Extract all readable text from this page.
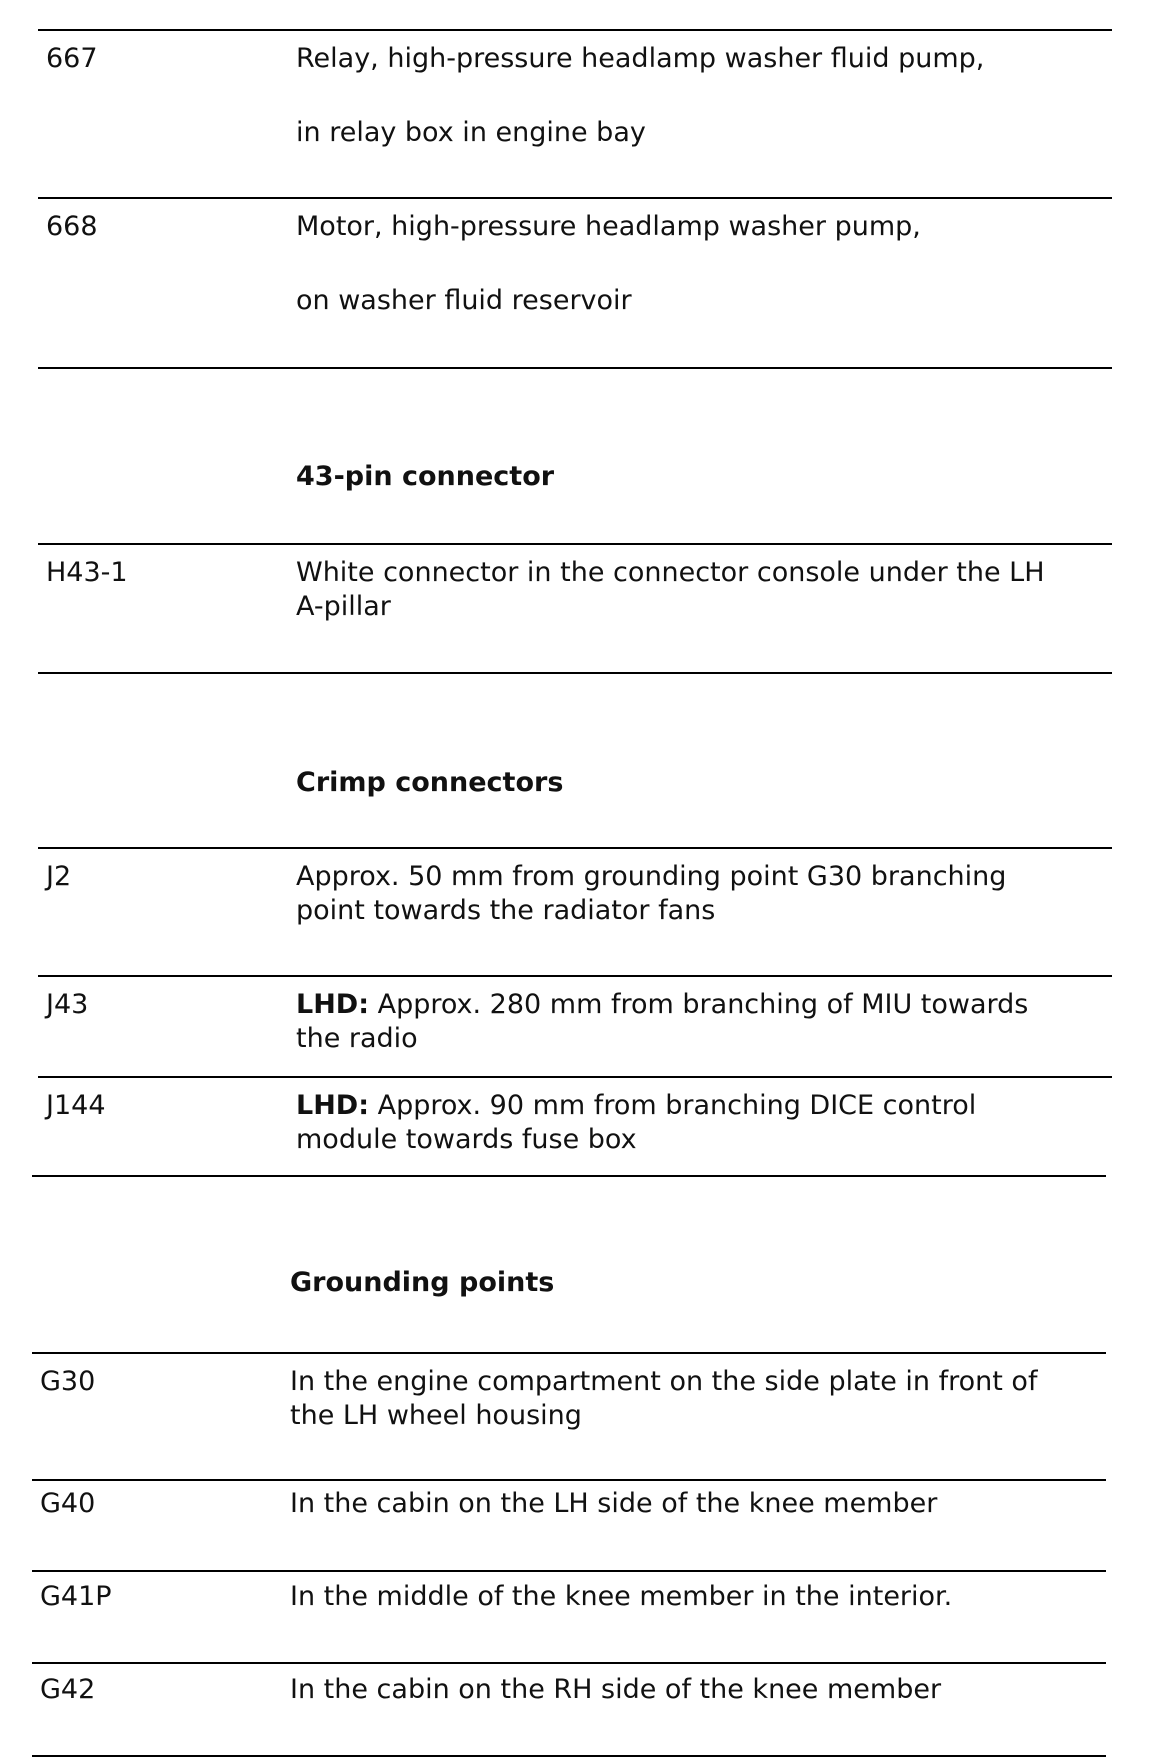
667	Relay, high-pressure headlamp washer fluid pump,
in relay box in engine bay
668	Motor, high-pressure headlamp washer pump,
on washer fluid reservoir
43-pin connector
H43-1	White connector in the connector console under the LH
A-pillar
Crimp connectors
J2	Approx. 50 mm from grounding point G30 branching
point towards the radiator fans
J43	LHD: Approx. 280 mm from branching of MIU towards
the radio
J144	LHD: Approx. 90 mm from branching DICE control
module towards fuse box
Grounding points
G30	In the engine compartment on the side plate in front of
the LH wheel housing
G40	In the cabin on the LH side of the knee member
G41P	In the middle of the knee member in the interior.
G42	In the cabin on the RH side of the knee member
